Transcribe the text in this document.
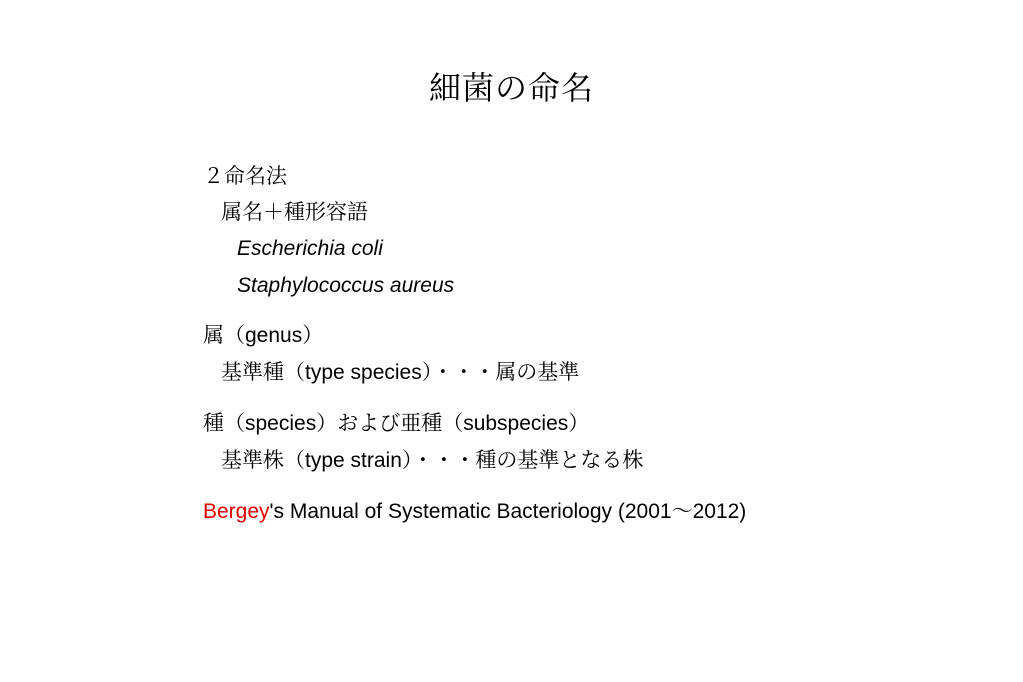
細菌の命名
２命名法
属名＋種形容語
Escherichia coli
Staphylococcus aureus
属（genus）
基準種（type species）・・・属の基準
種（species）および亜種（subspecies）
基準株（type strain）・・・種の基準となる株
Bergey's Manual of Systematic Bacteriology (2001～2012)
